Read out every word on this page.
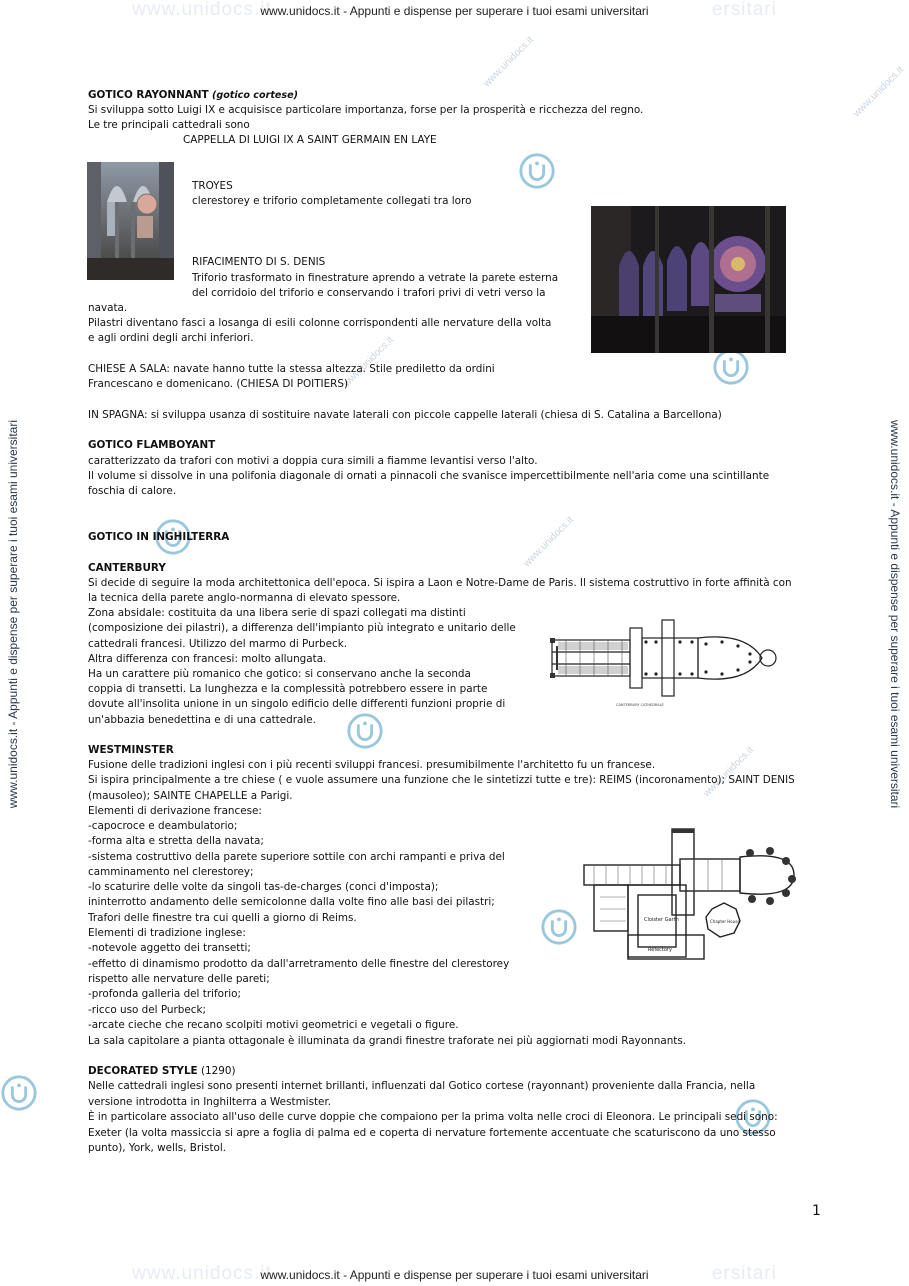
www.unidocs.it	ersitari
www.unidocs.it - Appunti e dispense per superare i tuoi esami universitari
www.unidocs.it	ersitari
www.unidocs.it - Appunti e dispense per superare i tuoi esami universitari
www.unidocs.it - Appunti e dispense per superare i tuoi esami universitari	www.unidocs.it - Appunti e dispense per superare i tuoi esami universitari
www.unidocs.it
www.unidocs.it
www.unidocs.it
www.unidocs.it
www.unidocs.it
GOTICO RAYONNANT (gotico cortese)
Si sviluppa sotto Luigi IX e acquisisce particolare importanza, forse per la prosperità e ricchezza del regno.
Le tre principali cattedrali sono
CAPPELLA DI LUIGI IX A SAINT GERMAIN EN LAYE
TROYES
clerestorey e triforio completamente collegati tra loro
RIFACIMENTO DI S. DENIS
Triforio trasformato in finestrature aprendo a vetrate la parete esterna
del corridoio del triforio e conservando i trafori privi di vetri verso la
navata.
Pilastri diventano fasci a losanga di esili colonne corrispondenti alle nervature della volta
e agli ordini degli archi inferiori.
CHIESE A SALA: navate hanno tutte la stessa altezza. Stile prediletto da ordini
Francescano e domenicano. (CHIESA DI POITIERS)
IN SPAGNA: si sviluppa usanza di sostituire navate laterali con piccole cappelle laterali (chiesa di S. Catalina a Barcellona)
GOTICO FLAMBOYANT
caratterizzato da trafori con motivi a doppia cura simili a fiamme levantisi verso l'alto.
Il volume si dissolve in una polifonia diagonale di ornati a pinnacoli che svanisce impercettibilmente nell'aria come una scintillante
foschia di calore.
GOTICO IN INGHILTERRA
CANTERBURY
Si decide di seguire la moda architettonica dell'epoca. Si ispira a Laon e Notre-Dame de Paris. Il sistema costruttivo in forte affinità con
la tecnica della parete anglo-normanna di elevato spessore.
Zona absidale: costituita da una libera serie di spazi collegati ma distinti
(composizione dei pilastri), a differenza dell'impianto più integrato e unitario delle
cattedrali francesi. Utilizzo del marmo di Purbeck.
Altra differenza con francesi: molto allungata.
Ha un carattere più romanico che gotico: si conservano anche la seconda
coppia di transetti. La lunghezza e la complessità potrebbero essere in parte
dovute all'insolita unione in un singolo edificio delle differenti funzioni proprie di
un'abbazia benedettina e di una cattedrale.
CANTERBURY CATHEDRALE
WESTMINSTER
Fusione delle tradizioni inglesi con i più recenti sviluppi francesi. presumibilmente l'architetto fu un francese.
Si ispira principalmente a tre chiese ( e vuole assumere una funzione che le sintetizzi tutte e tre): REIMS (incoronamento); SAINT DENIS
(mausoleo); SAINTE CHAPELLE a Parigi.
Elementi di derivazione francese:
-capocroce e deambulatorio;
-forma alta e stretta della navata;
-sistema costruttivo della parete superiore sottile con archi rampanti e priva del
camminamento nel clerestorey;
-lo scaturire delle volte da singoli tas-de-charges (conci d'imposta);
ininterrotto andamento delle semicolonne dalla volte fino alle basi dei pilastri;
Trafori delle finestre tra cui quelli a giorno di Reims.
Elementi di tradizione inglese:
-notevole aggetto dei transetti;
-effetto di dinamismo prodotto da dall'arretramento delle finestre del clerestorey
rispetto alle nervature delle pareti;
-profonda galleria del triforio;
-ricco uso del Purbeck;
-arcate cieche che recano scolpiti motivi geometrici e vegetali o figure.
La sala capitolare a pianta ottagonale è illuminata da grandi finestre traforate nei più aggiornati modi Rayonnants.
Cloister Garth
Refectory
Chapter House
DECORATED STYLE (1290)
Nelle cattedrali inglesi sono presenti internet brillanti, influenzati dal Gotico cortese (rayonnant) proveniente dalla Francia, nella
versione introdotta in Inghilterra a Westmister.
È in particolare associato all'uso delle curve doppie che compaiono per la prima volta nelle croci di Eleonora. Le principali sedi sono:
Exeter (la volta massiccia si apre a foglia di palma ed e coperta di nervature fortemente accentuate che scaturiscono da uno stesso
punto), York, wells, Bristol.
1
